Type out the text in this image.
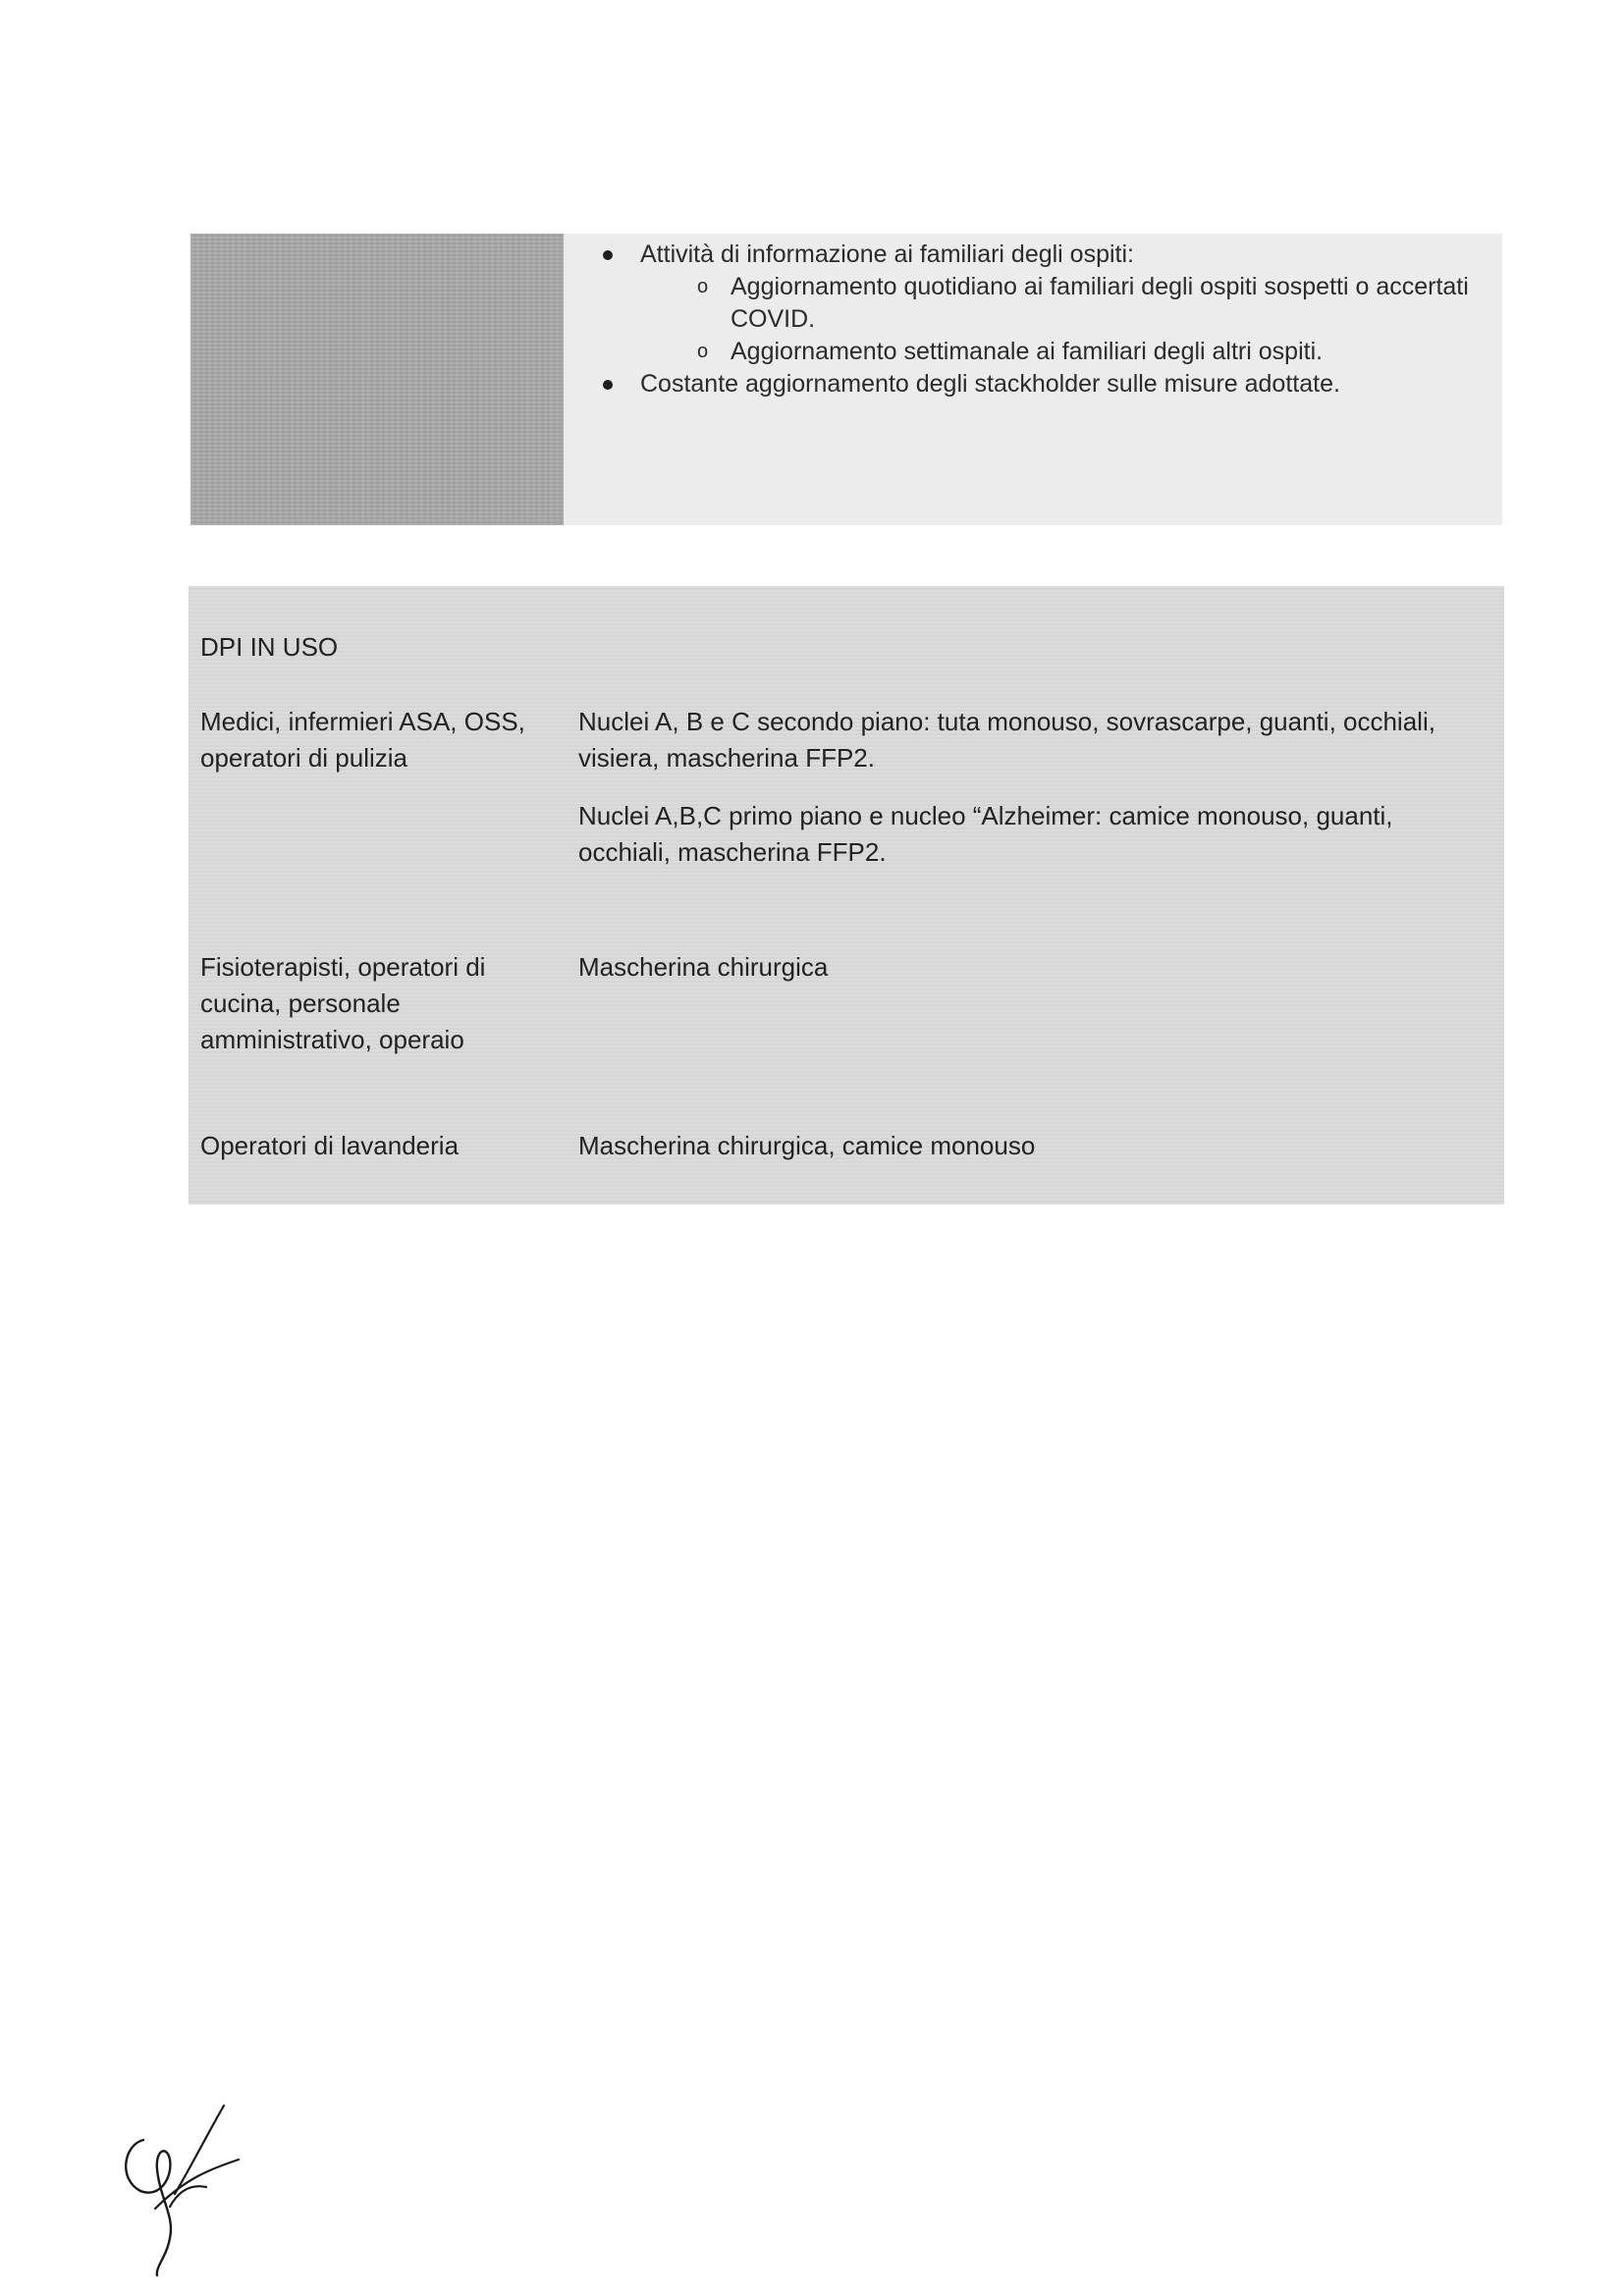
Attività di informazione ai familiari degli ospiti:
o Aggiornamento quotidiano ai familiari degli ospiti sospetti o accertati COVID.
o Aggiornamento settimanale ai familiari degli altri ospiti.
Costante aggiornamento degli stackholder sulle misure adottate.
DPI IN USO
Medici, infermieri ASA, OSS, operatori di pulizia

Nuclei A, B e C secondo piano: tuta monouso, sovrascarpe, guanti, occhiali, visiera, mascherina FFP2.

Nuclei A,B,C primo piano e nucleo “Alzheimer: camice monouso, guanti, occhiali, mascherina FFP2.

Fisioterapisti, operatori di cucina, personale amministrativo, operaio

Mascherina chirurgica

Operatori di lavanderia	Mascherina chirurgica, camice monouso
